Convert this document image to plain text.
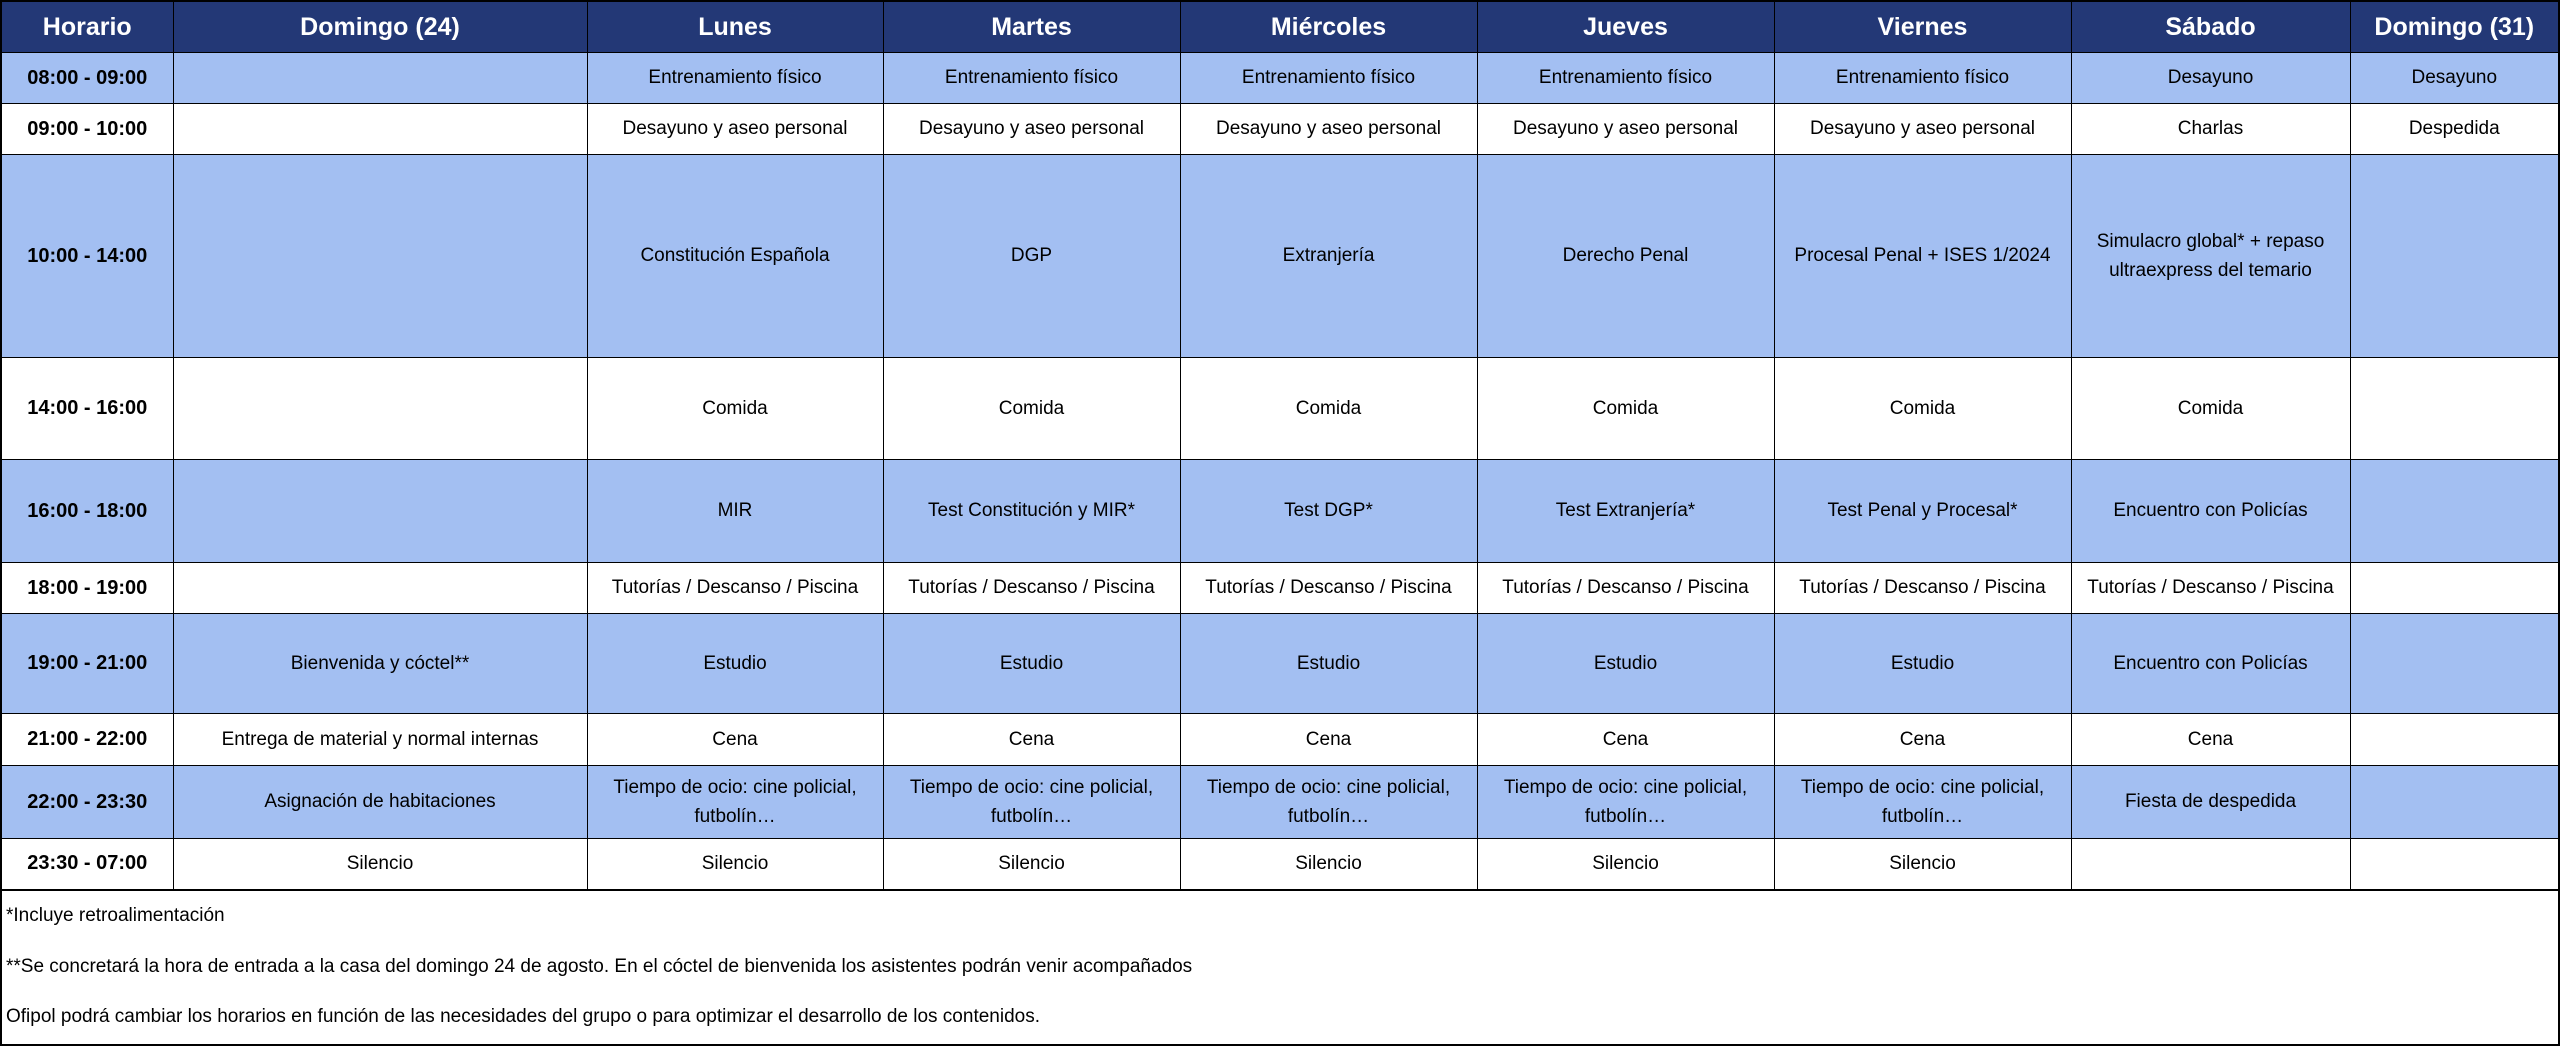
Horario	Domingo (24)	Lunes	Martes	Miércoles	Jueves	Viernes	Sábado	Domingo (31)
08:00 - 09:00		Entrenamiento físico	Entrenamiento físico	Entrenamiento físico	Entrenamiento físico	Entrenamiento físico	Desayuno	Desayuno
09:00 - 10:00		Desayuno y aseo personal	Desayuno y aseo personal	Desayuno y aseo personal	Desayuno y aseo personal	Desayuno y aseo personal	Charlas	Despedida
10:00 - 14:00		Constitución Española	DGP	Extranjería	Derecho Penal	Procesal Penal + ISES 1/2024	Simulacro global* + repaso ultraexpress del temario	
14:00 - 16:00		Comida	Comida	Comida	Comida	Comida	Comida	
16:00 - 18:00		MIR	Test Constitución y MIR*	Test DGP*	Test Extranjería*	Test Penal y Procesal*	Encuentro con Policías	
18:00 - 19:00		Tutorías / Descanso / Piscina	Tutorías / Descanso / Piscina	Tutorías / Descanso / Piscina	Tutorías / Descanso / Piscina	Tutorías / Descanso / Piscina	Tutorías / Descanso / Piscina	
19:00 - 21:00	Bienvenida y cóctel**	Estudio	Estudio	Estudio	Estudio	Estudio	Encuentro con Policías	
21:00 - 22:00	Entrega de material y normal internas	Cena	Cena	Cena	Cena	Cena	Cena	
22:00 - 23:30	Asignación de habitaciones	Tiempo de ocio: cine policial, futbolín…	Tiempo de ocio: cine policial, futbolín…	Tiempo de ocio: cine policial, futbolín…	Tiempo de ocio: cine policial, futbolín…	Tiempo de ocio: cine policial, futbolín…	Fiesta de despedida	
23:30 - 07:00	Silencio	Silencio	Silencio	Silencio	Silencio	Silencio		

*Incluye retroalimentación

**Se concretará la hora de entrada a la casa del domingo 24 de agosto. En el cóctel de bienvenida los asistentes podrán venir acompañados

Ofipol podrá cambiar los horarios en función de las necesidades del grupo o para optimizar el desarrollo de los contenidos.
